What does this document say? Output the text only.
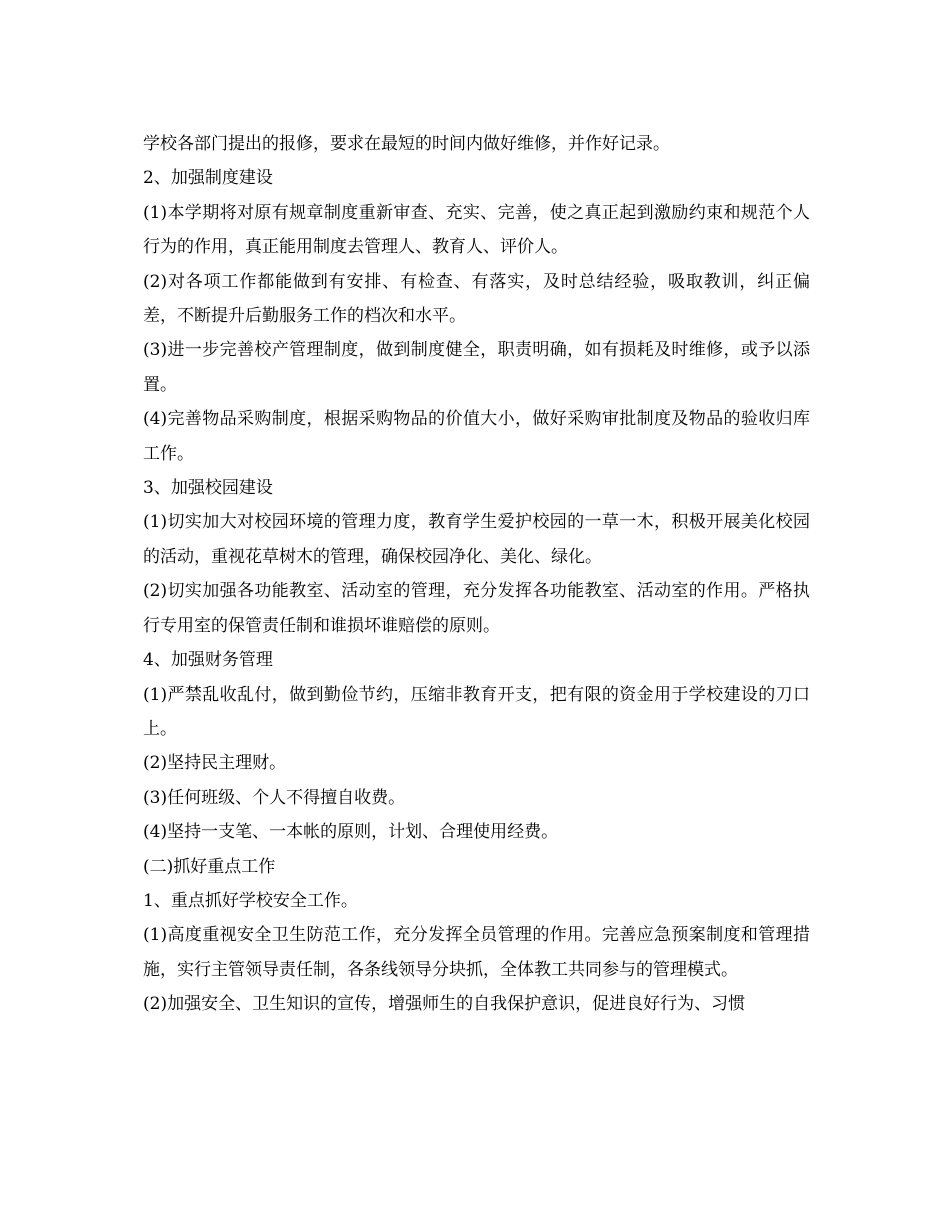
学校各部门提出的报修，要求在最短的时间内做好维修，并作好记录。

2、加强制度建设

(1)本学期将对原有规章制度重新审查、充实、完善，使之真正起到激励约束和规范个人行为的作用，真正能用制度去管理人、教育人、评价人。

(2)对各项工作都能做到有安排、有检查、有落实，及时总结经验，吸取教训，纠正偏差，不断提升后勤服务工作的档次和水平。

(3)进一步完善校产管理制度，做到制度健全，职责明确，如有损耗及时维修，或予以添置。

(4)完善物品采购制度，根据采购物品的价值大小，做好采购审批制度及物品的验收归库工作。

3、加强校园建设

(1)切实加大对校园环境的管理力度，教育学生爱护校园的一草一木，积极开展美化校园的活动，重视花草树木的管理，确保校园净化、美化、绿化。

(2)切实加强各功能教室、活动室的管理，充分发挥各功能教室、活动室的作用。严格执行专用室的保管责任制和谁损坏谁赔偿的原则。

4、加强财务管理

(1)严禁乱收乱付，做到勤俭节约，压缩非教育开支，把有限的资金用于学校建设的刀口上。

(2)坚持民主理财。

(3)任何班级、个人不得擅自收费。

(4)坚持一支笔、一本帐的原则，计划、合理使用经费。

(二)抓好重点工作

1、重点抓好学校安全工作。

(1)高度重视安全卫生防范工作，充分发挥全员管理的作用。完善应急预案制度和管理措施，实行主管领导责任制，各条线领导分块抓，全体教工共同参与的管理模式。

(2)加强安全、卫生知识的宣传，增强师生的自我保护意识，促进良好行为、习惯
